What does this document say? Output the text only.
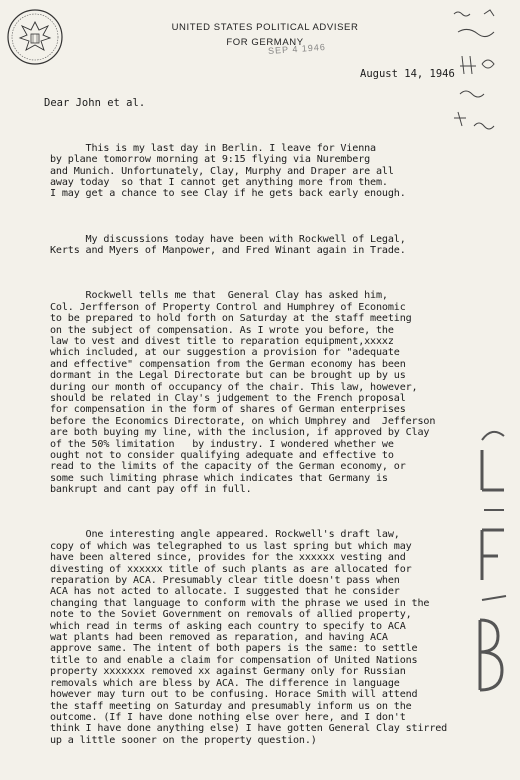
UNITED STATES POLITICAL ADVISER
FOR GERMANY
SEP 4 1946
August 14, 1946
Dear John et al.

This is my last day in Berlin. I leave for Vienna
by plane tomorrow morning at 9:15 flying via Nuremberg
and Munich. Unfortunately, Clay, Murphy and Draper are all
away today  so that I cannot get anything more from them.
I may get a chance to see Clay if he gets back early enough.

My discussions today have been with Rockwell of Legal,
Kerts and Myers of Manpower, and Fred Winant again in Trade.

Rockwell tells me that  General Clay has asked him,
Col. Jerfferson of Property Control and Humphrey of Economic
to be prepared to hold forth on Saturday at the staff meeting
on the subject of compensation. As I wrote you before, the
law to vest and divest title to reparation equipment,xxxxz
which included, at our suggestion a provision for "adequate
and effective" compensation from the German economy has been
dormant in the Legal Directorate but can be brought up by us
during our month of occupancy of the chair. This law, however,
should be related in Clay's judgement to the French proposal
for compensation in the form of shares of German enterprises
before the Economics Directorate, on which Umphrey and  Jefferson
are both buying my line, with the inclusion, if approved by Clay
of the 50% limitation   by industry. I wondered whether we
ought not to consider qualifying adequate and effective to
read to the limits of the capacity of the German economy, or
some such limiting phrase which indicates that Germany is
bankrupt and cant pay off in full.

One interesting angle appeared. Rockwell's draft law,
copy of which was telegraphed to us last spring but which may
have been altered since, provides for the xxxxxx vesting and
divesting of xxxxxx title of such plants as are allocated for
reparation by ACA. Presumably clear title doesn't pass when
ACA has not acted to allocate. I suggested that he consider
changing that language to conform with the phrase we used in the
note to the Soviet Government on removals of allied property,
which read in terms of asking each country to specify to ACA
wat plants had been removed as reparation, and having ACA
approve same. The intent of both papers is the same: to settle
title to and enable a claim for compensation of United Nations
property xxxxxxx removed xx against Germany only for Russian
removals which are bless by ACA. The difference in language
however may turn out to be confusing. Horace Smith will attend
the staff meeting on Saturday and presumably inform us on the
outcome. (If I have done nothing else over here, and I don't
think I have done anything else) I have gotten General Clay stirred
up a little sooner on the property question.)
